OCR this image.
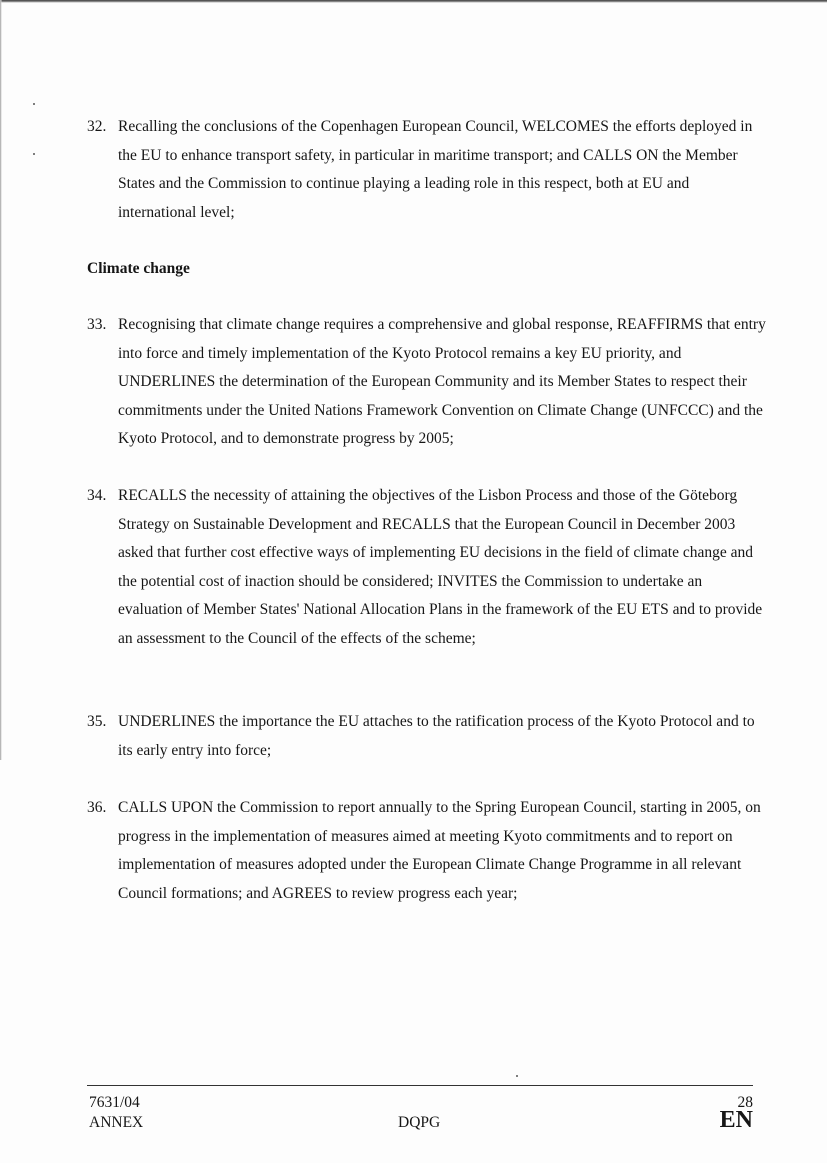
32. Recalling the conclusions of the Copenhagen European Council, WELCOMES the efforts deployed in the EU to enhance transport safety, in particular in maritime transport; and CALLS ON the Member States and the Commission to continue playing a leading role in this respect, both at EU and international level;
Climate change
33. Recognising that climate change requires a comprehensive and global response, REAFFIRMS that entry into force and timely implementation of the Kyoto Protocol remains a key EU priority, and UNDERLINES the determination of the European Community and its Member States to respect their commitments under the United Nations Framework Convention on Climate Change (UNFCCC) and the Kyoto Protocol, and to demonstrate progress by 2005;
34. RECALLS the necessity of attaining the objectives of the Lisbon Process and those of the Göteborg Strategy on Sustainable Development and RECALLS that the European Council in December 2003 asked that further cost effective ways of implementing EU decisions in the field of climate change and the potential cost of inaction should be considered; INVITES the Commission to undertake an evaluation of Member States' National Allocation Plans in the framework of the EU ETS and to provide an assessment to the Council of the effects of the scheme;
35. UNDERLINES the importance the EU attaches to the ratification process of the Kyoto Protocol and to its early entry into force;
36. CALLS UPON the Commission to report annually to the Spring European Council, starting in 2005, on progress in the implementation of measures aimed at meeting Kyoto commitments and to report on implementation of measures adopted under the European Climate Change Programme in all relevant Council formations; and AGREES to review progress each year;
7631/04
ANNEX	DQPG
28
EN
